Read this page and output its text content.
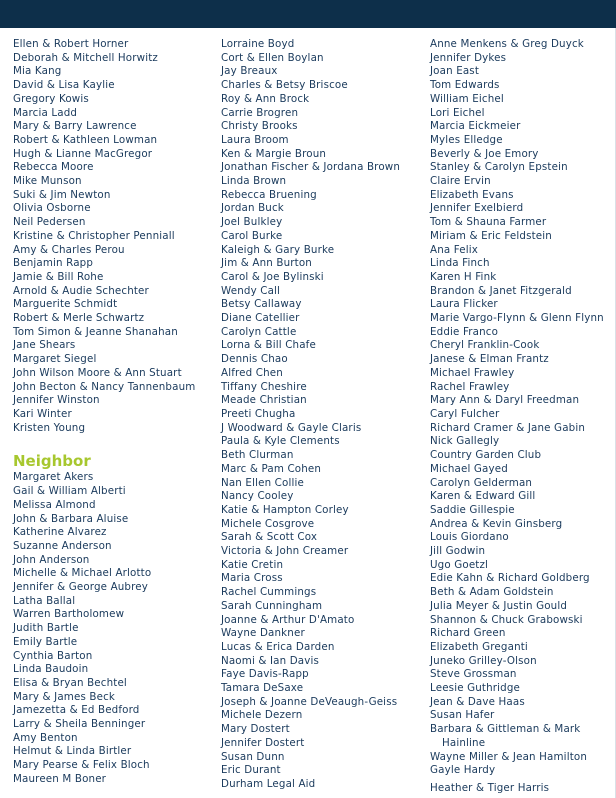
Ellen & Robert Horner
Deborah & Mitchell Horwitz
Mia Kang
David & Lisa Kaylie
Gregory Kowis
Marcia Ladd
Mary & Barry Lawrence
Robert & Kathleen Lowman
Hugh & Lianne MacGregor
Rebecca Moore
Mike Munson
Suki & Jim Newton
Olivia Osborne
Neil Pedersen
Kristine & Christopher Penniall
Amy & Charles Perou
Benjamin Rapp
Jamie & Bill Rohe
Arnold & Audie Schechter
Marguerite Schmidt
Robert & Merle Schwartz
Tom Simon & Jeanne Shanahan
Jane Shears
Margaret Siegel
John Wilson Moore & Ann Stuart
John Becton & Nancy Tannenbaum
Jennifer Winston
Kari Winter
Kristen Young
Neighbor
Margaret Akers
Gail & William Alberti
Melissa Almond
John & Barbara Aluise
Katherine Alvarez
Suzanne Anderson
John Anderson
Michelle & Michael Arlotto
Jennifer & George Aubrey
Latha Ballal
Warren Bartholomew
Judith Bartle
Emily Bartle
Cynthia Barton
Linda Baudoin
Elisa & Bryan Bechtel
Mary & James Beck
Jamezetta & Ed Bedford
Larry & Sheila Benninger
Amy Benton
Helmut & Linda Birtler
Mary Pearse & Felix Bloch
Maureen M Boner
Lorraine Boyd
Cort & Ellen Boylan
Jay Breaux
Charles & Betsy Briscoe
Roy & Ann Brock
Carrie Brogren
Christy Brooks
Laura Broom
Ken & Margie Broun
Jonathan Fischer & Jordana Brown
Linda Brown
Rebecca Bruening
Jordan Buck
Joel Bulkley
Carol Burke
Kaleigh & Gary Burke
Jim & Ann Burton
Carol & Joe Bylinski
Wendy Call
Betsy Callaway
Diane Catellier
Carolyn Cattle
Lorna & Bill Chafe
Dennis Chao
Alfred Chen
Tiffany Cheshire
Meade Christian
Preeti Chugha
J Woodward & Gayle Claris
Paula & Kyle Clements
Beth Clurman
Marc & Pam Cohen
Nan Ellen Collie
Nancy Cooley
Katie & Hampton Corley
Michele Cosgrove
Sarah & Scott Cox
Victoria & John Creamer
Katie Cretin
Maria Cross
Rachel Cummings
Sarah Cunningham
Joanne & Arthur D'Amato
Wayne Dankner
Lucas & Erica Darden
Naomi & Ian Davis
Faye Davis-Rapp
Tamara DeSaxe
Joseph & Joanne DeVeaugh-Geiss
Michele Dezern
Mary Dostert
Jennifer Dostert
Susan Dunn
Eric Durant
Durham Legal Aid
Anne Menkens & Greg Duyck
Jennifer Dykes
Joan East
Tom Edwards
William Eichel
Lori Eichel
Marcia Eickmeier
Myles Elledge
Beverly & Joe Emory
Stanley & Carolyn Epstein
Claire Ervin
Elizabeth Evans
Jennifer Exelbierd
Tom & Shauna Farmer
Miriam & Eric Feldstein
Ana Felix
Linda Finch
Karen H Fink
Brandon & Janet Fitzgerald
Laura Flicker
Marie Vargo-Flynn & Glenn Flynn
Eddie Franco
Cheryl Franklin-Cook
Janese & Elman Frantz
Michael Frawley
Rachel Frawley
Mary Ann & Daryl Freedman
Caryl Fulcher
Richard Cramer & Jane Gabin
Nick Gallegly
Country Garden Club
Michael Gayed
Carolyn Gelderman
Karen & Edward Gill
Saddie Gillespie
Andrea & Kevin Ginsberg
Louis Giordano
Jill Godwin
Ugo Goetzl
Edie Kahn & Richard Goldberg
Beth & Adam Goldstein
Julia Meyer & Justin Gould
Shannon & Chuck Grabowski
Richard Green
Elizabeth Greganti
Juneko Grilley-Olson
Steve Grossman
Leesie Guthridge
Jean & Dave Haas
Susan Hafer
Barbara & Gittleman & Mark
Hainline
Wayne Miller & Jean Hamilton
Gayle Hardy
Heather & Tiger Harris
